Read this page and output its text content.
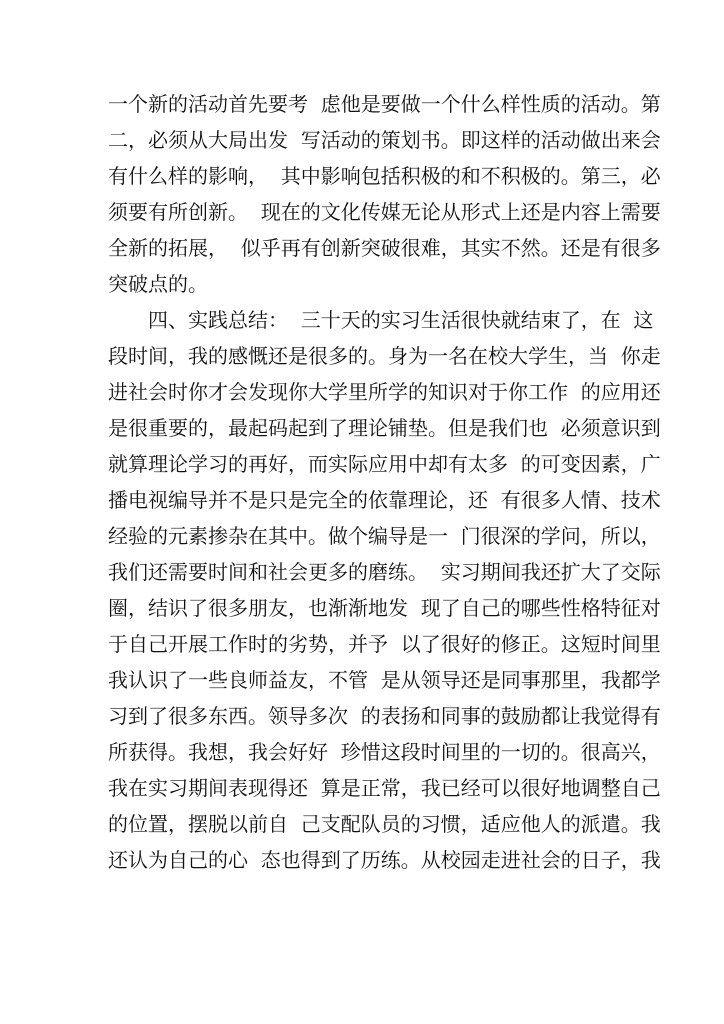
一个新的活动首先要考  虑他是要做一个什么样性质的活动。第
二，必须从大局出发  写活动的策划书。即这样的活动做出来会
有什么样的影响，  其中影响包括积极的和不积极的。第三，必
须要有所创新。  现在的文化传媒无论从形式上还是内容上需要
全新的拓展，  似乎再有创新突破很难，其实不然。还是有很多
突破点的。
四、实践总结：  三十天的实习生活很快就结束了，在  这
段时间，我的感慨还是很多的。身为一名在校大学生，当  你走
进社会时你才会发现你大学里所学的知识对于你工作  的应用还
是很重要的，最起码起到了理论铺垫。但是我们也  必须意识到
就算理论学习的再好，而实际应用中却有太多  的可变因素，广
播电视编导并不是只是完全的依靠理论，还  有很多人情、技术
经验的元素掺杂在其中。做个编导是一  门很深的学问，所以，
我们还需要时间和社会更多的磨练。  实习期间我还扩大了交际
圈，结识了很多朋友，也渐渐地发  现了自己的哪些性格特征对
于自己开展工作时的劣势，并予  以了很好的修正。这短时间里
我认识了一些良师益友，不管  是从领导还是同事那里，我都学
习到了很多东西。领导多次  的表扬和同事的鼓励都让我觉得有
所获得。我想，我会好好  珍惜这段时间里的一切的。很高兴，
我在实习期间表现得还  算是正常，我已经可以很好地调整自己
的位置，摆脱以前自  己支配队员的习惯，适应他人的派遣。我
还认为自己的心  态也得到了历练。从校园走进社会的日子，我
